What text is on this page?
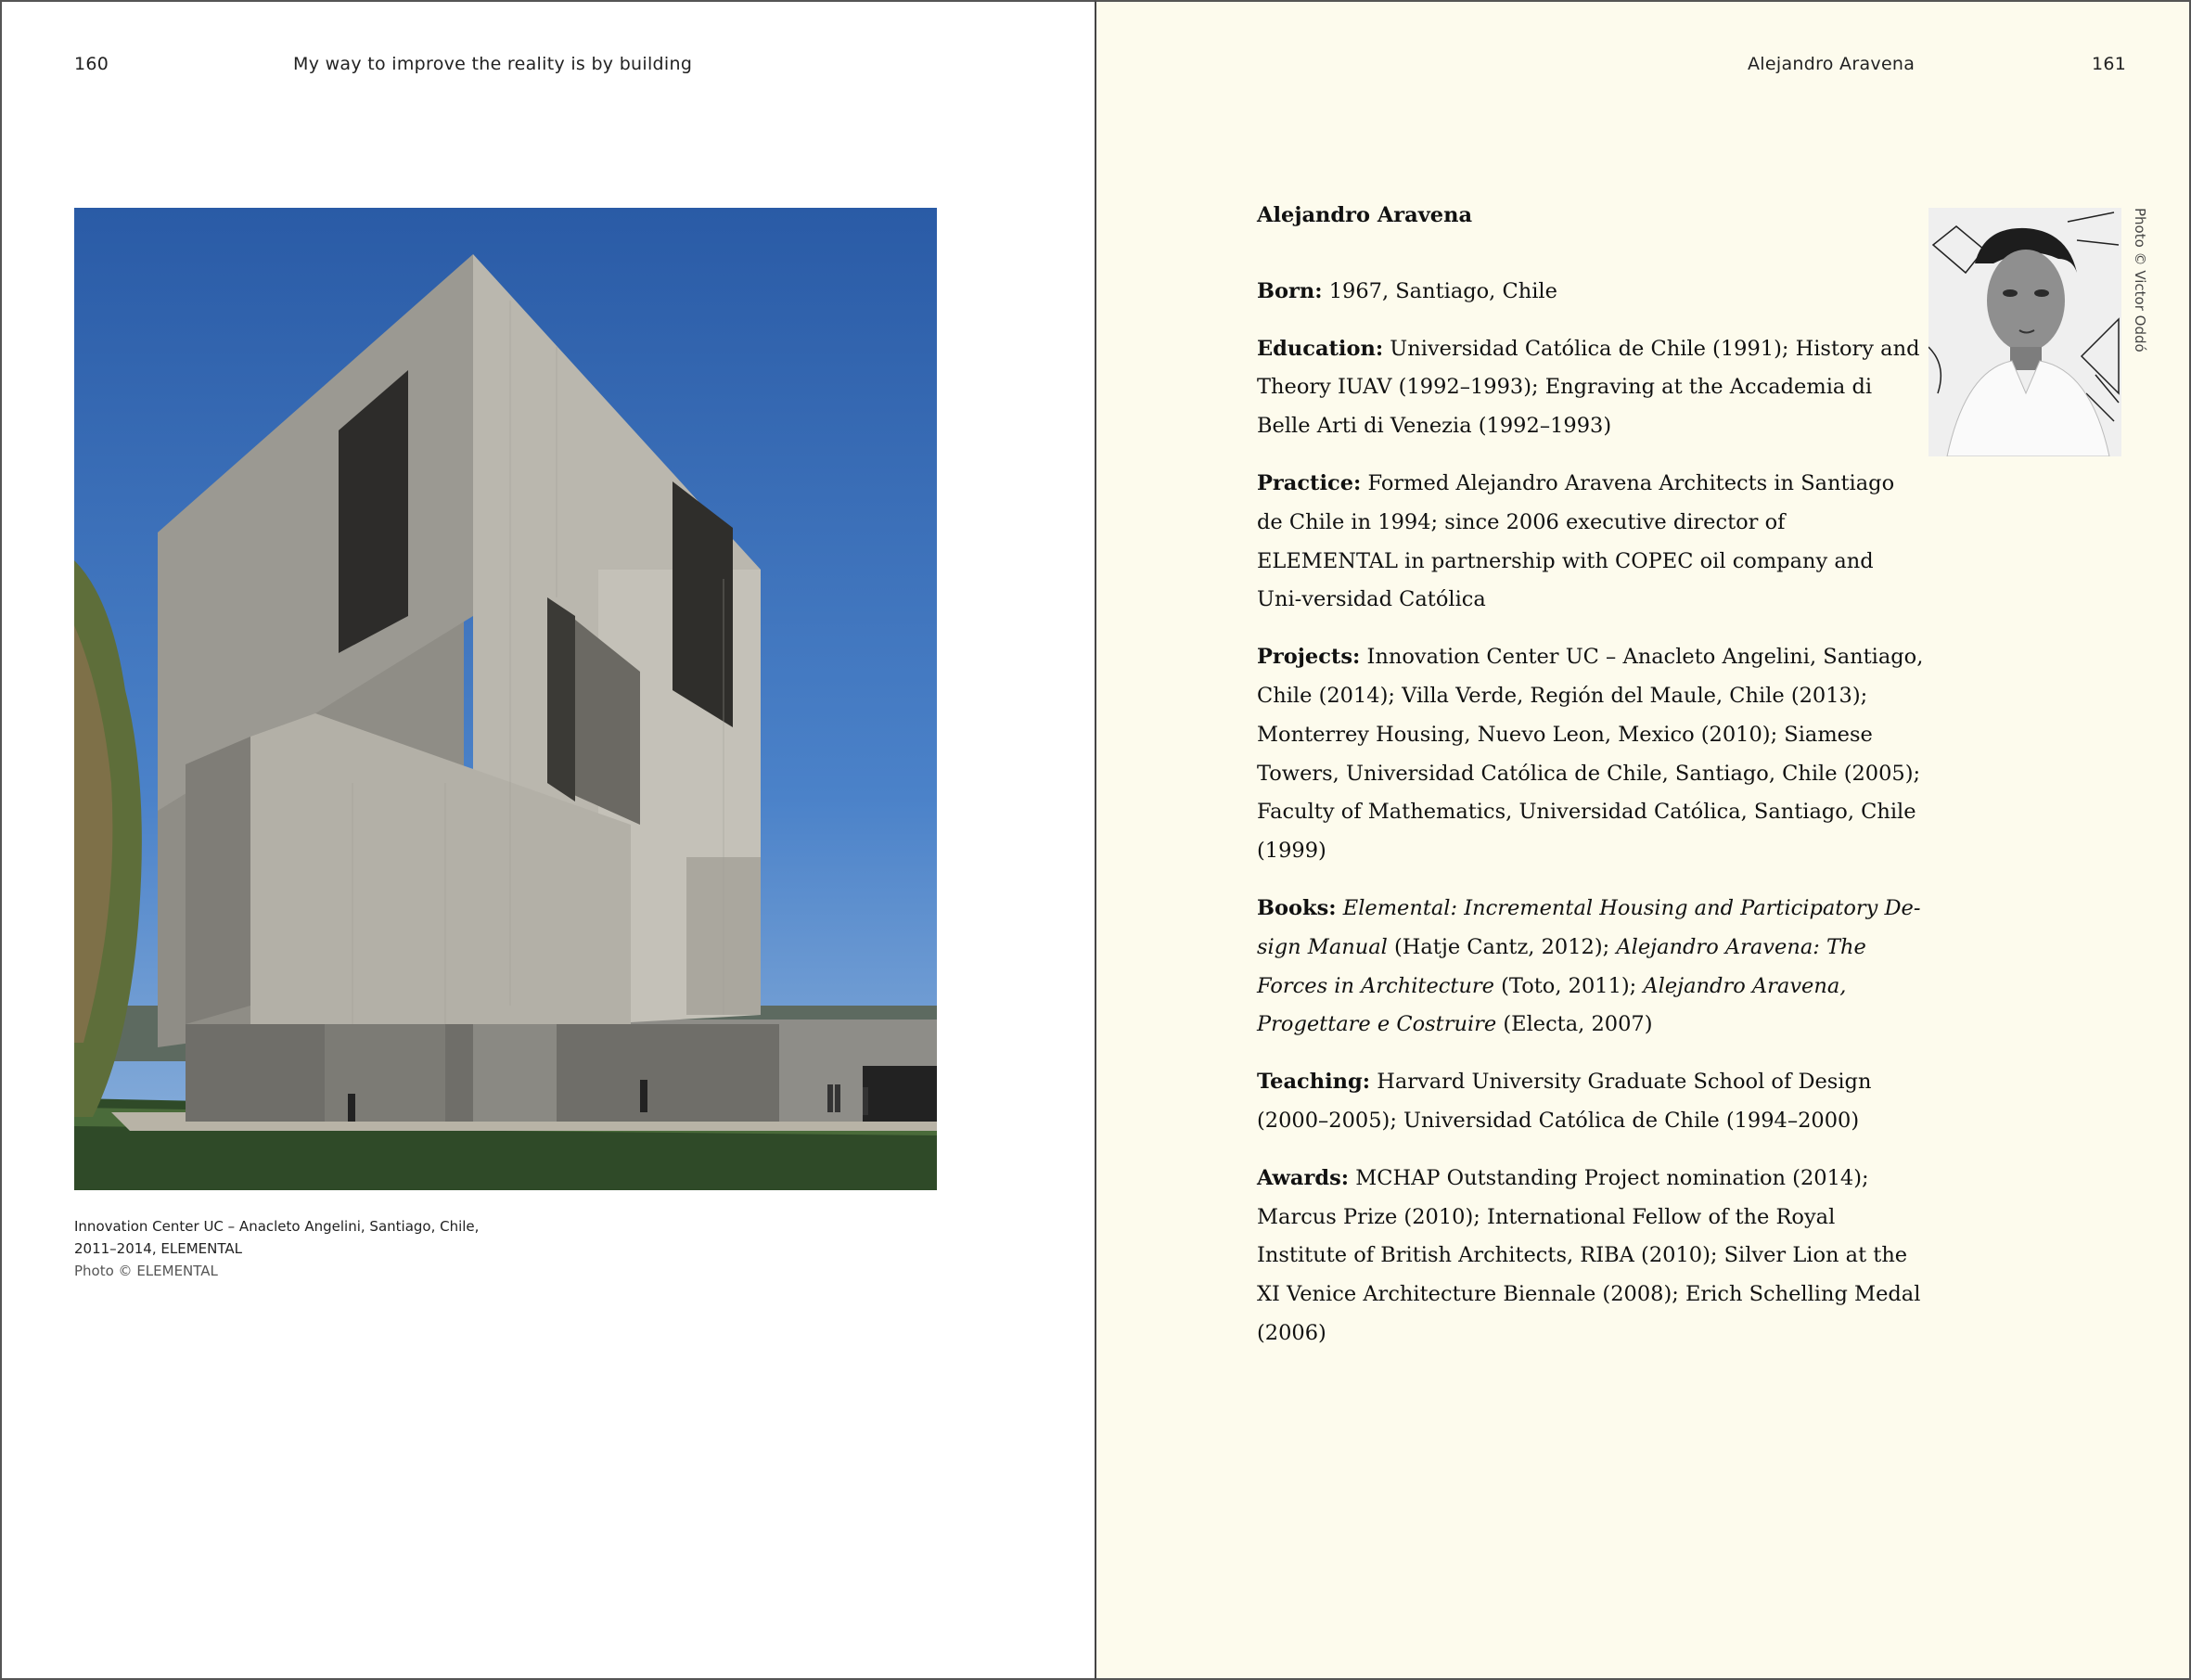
160	My way to improve the reality is by building
Innovation Center UC – Anacleto Angelini, Santiago, Chile,
2011–2014, ELEMENTAL
Photo © ELEMENTAL
Alejandro Aravena	161
Photo © Victor Oddó
Alejandro Aravena

Born: 1967, Santiago, Chile

Education: Universidad Católica de Chile (1991); History and Theory IUAV (1992–1993); Engraving at the Accademia di Belle Arti di Venezia (1992–1993)

Practice: Formed Alejandro Aravena Architects in Santiago de Chile in 1994; since 2006 executive director of ELEMENTAL in partnership with COPEC oil company and Uni-versidad Católica

Projects: Innovation Center UC – Anacleto Angelini, Santiago, Chile (2014); Villa Verde, Región del Maule, Chile (2013); Monterrey Housing, Nuevo Leon, Mexico (2010); Siamese Towers, Universidad Católica de Chile, Santiago, Chile (2005); Faculty of Mathematics, Universidad Católica, Santiago, Chile (1999)

Books: Elemental: Incremental Housing and Participatory De-sign Manual (Hatje Cantz, 2012); Alejandro Aravena: The Forces in Architecture (Toto, 2011); Alejandro Aravena, Progettare e Costruire (Electa, 2007)

Teaching: Harvard University Graduate School of Design (2000–2005); Universidad Católica de Chile (1994–2000)

Awards: MCHAP Outstanding Project nomination (2014); Marcus Prize (2010); International Fellow of the Royal Institute of British Architects, RIBA (2010); Silver Lion at the XI Venice Architecture Biennale (2008); Erich Schelling Medal (2006)
